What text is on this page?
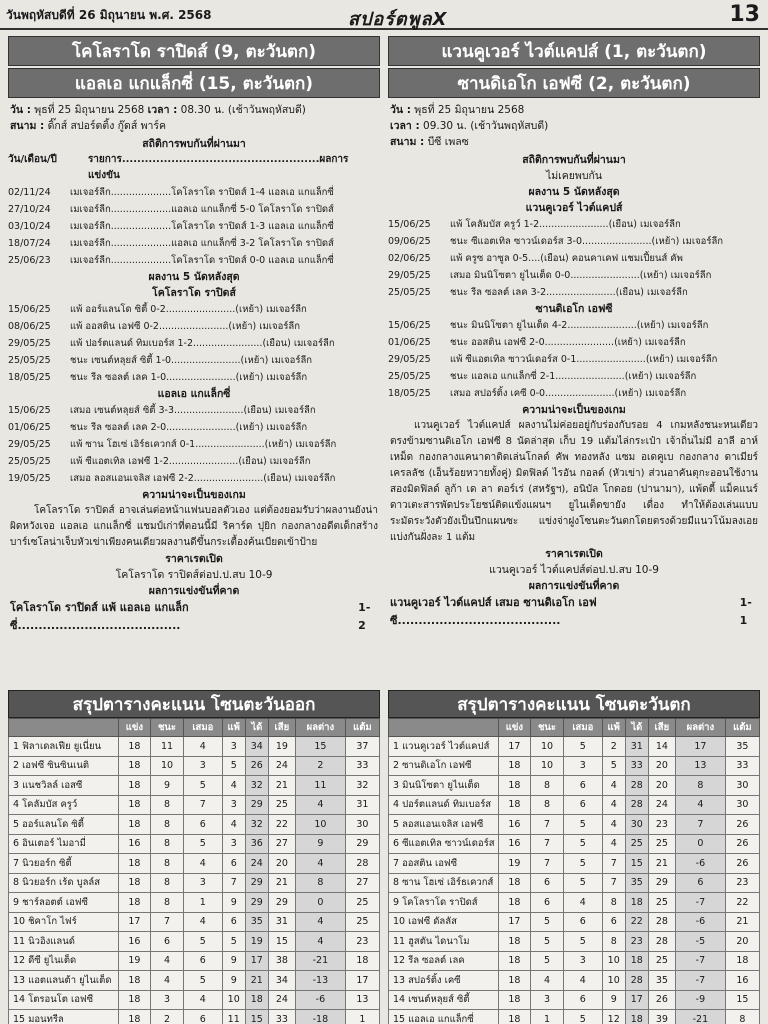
วันพฤหัสบดีที่ 26 มิถุนายน พ.ศ. 2568	สปอร์ตพูลX	13
โคโลราโด ราปิดส์ (9, ตะวันตก)
แอลเอ แกแล็กซี่ (15, ตะวันตก)
วัน : พุธที่ 25 มิถุนายน 2568 เวลา : 08.30 น. (เช้าวันพฤหัสบดี)
สนาม : ดิ๊กส์ สปอร์ตติ้ง กู๊ดส์ พาร์ค
สถิติการพบกันที่ผ่านมา
วัน/เดือน/ปี	รายการ....................................................ผลการแข่งขัน
02/11/24	เมเจอร์ลีก....................โคโลราโด ราปิดส์ 1-4 แอลเอ แกแล็กซี่
27/10/24	เมเจอร์ลีก....................แอลเอ แกแล็กซี่ 5-0 โคโลราโด ราปิดส์
03/10/24	เมเจอร์ลีก....................โคโลราโด ราปิดส์ 1-3 แอลเอ แกแล็กซี่
18/07/24	เมเจอร์ลีก....................แอลเอ แกแล็กซี่ 3-2 โคโลราโด ราปิดส์
25/06/23	เมเจอร์ลีก....................โคโลราโด ราปิดส์ 0-0 แอลเอ แกแล็กซี่
ผลงาน 5 นัดหลังสุด
โคโลราโด ราปิดส์
15/06/25	แพ้ ออร์แลนโด ซิตี้ 0-2.......................(เหย้า) เมเจอร์ลีก
08/06/25	แพ้ ออสติน เอฟซี 0-2.......................(เหย้า) เมเจอร์ลีก
29/05/25	แพ้ ปอร์ตแลนด์ ทิมเบอร์ส 1-2.......................(เยือน) เมเจอร์ลีก
25/05/25	ชนะ เซนต์หลุยส์ ซิตี้ 1-0.......................(เหย้า) เมเจอร์ลีก
18/05/25	ชนะ รีล ซอลต์ เลค 1-0.......................(เหย้า) เมเจอร์ลีก
แอลเอ แกแล็กซี่
15/06/25	เสมอ เซนต์หลุยส์ ซิตี้ 3-3.......................(เยือน) เมเจอร์ลีก
01/06/25	ชนะ รีล ซอลต์ เลค 2-0.......................(เหย้า) เมเจอร์ลีก
29/05/25	แพ้ ซาน โฮเซ่ เอิร์ธเควกส์ 0-1.......................(เหย้า) เมเจอร์ลีก
25/05/25	แพ้ ซีแอตเทิล เอฟซี 1-2.......................(เยือน) เมเจอร์ลีก
19/05/25	เสมอ ลอสแอนเจลิส เอฟซี 2-2.......................(เยือน) เมเจอร์ลีก
ความน่าจะเป็นของเกม
โคโลราโด ราปิดส์ อาจเล่นต่อหน้าแฟนบอลตัวเอง แต่ต้องยอมรับว่าผลงานยังน่าผิดหวังเจอ แอลเอ แกแล็กซี่ แชมป์เก่าที่ตอนนี้มี ริคาร์ด ปุยิก กองกลางอดีตเด็กสร้างบาร์เซโลน่าเจ็บหัวเข่าเพียงคนเดียวผลงานดีขึ้นกระเตื้องค้นเบียดเข้าป้าย
ราคาเรตเปิด
โคโลราโด ราปิดส์ต่อป.ป.สบ 10-9
ผลการแข่งขันที่คาด
โคโลราโด ราปิดส์ แพ้ แอลเอ แกแล็กซี่.......................................
1-2
แวนคูเวอร์ ไวต์แคปส์ (1, ตะวันตก)
ซานดิเอโก เอฟซี (2, ตะวันตก)
วัน : พุธที่ 25 มิถุนายน 2568
เวลา : 09.30 น. (เช้าวันพฤหัสบดี)
สนาม : บีซี เพลซ
สถิติการพบกันที่ผ่านมา
ไม่เคยพบกัน
ผลงาน 5 นัดหลังสุด
แวนคูเวอร์ ไวต์แคปส์
15/06/25	แพ้ โคลัมบัส ครูว์ 1-2.......................(เยือน) เมเจอร์ลีก
09/06/25	ชนะ ซีแอตเทิล ซาวน์เดอร์ส 3-0.......................(เหย้า) เมเจอร์ลีก
02/06/25	แพ้ ครูซ อาซูล 0-5....(เยือน) คอนคาเคฟ แชมเปี้ยนส์ คัพ
29/05/25	เสมอ มินนิโซตา ยูไนเต็ด 0-0.......................(เหย้า) เมเจอร์ลีก
25/05/25	ชนะ รีล ซอลต์ เลค 3-2.......................(เยือน) เมเจอร์ลีก
ซานดิเอโก เอฟซี
15/06/25	ชนะ มินนิโซตา ยูไนเต็ด 4-2.......................(เหย้า) เมเจอร์ลีก
01/06/25	ชนะ ออสติน เอฟซี 2-0.......................(เหย้า) เมเจอร์ลีก
29/05/25	แพ้ ซีแอตเทิล ซาวน์เดอร์ส 0-1.......................(เหย้า) เมเจอร์ลีก
25/05/25	ชนะ แอลเอ แกแล็กซี่ 2-1.......................(เหย้า) เมเจอร์ลีก
18/05/25	เสมอ สปอร์ติ้ง เคซี 0-0.......................(เหย้า) เมเจอร์ลีก
ความน่าจะเป็นของเกม
แวนคูเวอร์ ไวต์แคปส์ ผลงานไม่ค่อยอยู่กับร่องกับรอย 4 เกมหลังชนะหนเดียว ตรงข้ามซานดิเอโก เอฟซี 8 นัดล่าสุด เก็บ 19 แต้มไล่กระเป๋า เจ้าถิ่นไม่มี อาลี อาห์เหม็ด กองกลางแคนาดาติดเล่นโกลด์ คัพ ทองหลัง แซม อเดคูเบ กองกลาง ดาเมียร์ เครลลัช (เอ็นร้อยหวายทั้งคู่) มิตฟิลด์ ไรอัน กอลด์ (หัวเข่า) ส่วนอาคันตุกะออนใช้งานสองมิดฟิลด์ ลูก้า เด ลา ตอร์เร่ (สหรัฐฯ), อนิบัล โกดอย (ปานามา), แพ้ดตี้ แม็คแนร์ ดาวเตะสารพัดประโยชน์ติดแข้งแผนฯ ยูไนเต็ดขายัง เดื่อง ทำให้ต้องเล่นแบบระมัดระวังตัวยังเป็นปึกแผนซะ แข่งจ่าฝูงโซนตะวันตกโดยตรงด้วยมีแนวโน้มลงเอยแบ่งกันฝั่งละ 1 แต้ม
ราคาเรตเปิด
แวนคูเวอร์ ไวต์แคปส์ต่อป.ป.สบ 10-9
ผลการแข่งขันที่คาด
แวนคูเวอร์ ไวต์แคปส์ เสมอ ซานดิเอโก เอฟซี.......................................
1-1
สรุปตารางคะแนน โซนตะวันออก
	แข่ง	ชนะ	เสมอ	แพ้	ได้	เสีย	ผลต่าง	แต้ม
1 ฟิลาเดลเฟีย ยูเนี่ยน	18	11	4	3	34	19	15	37
2 เอฟซี ซินซินเนติ	18	10	3	5	26	24	2	33
3 แนชวิลล์ เอสซี	18	9	5	4	32	21	11	32
4 โคลัมบัส ครูว์	18	8	7	3	29	25	4	31
5 ออร์แลนโด ซิตี้	18	8	6	4	32	22	10	30
6 อินเตอร์ ไมอามี่	16	8	5	3	36	27	9	29
7 นิวยอร์ก ซิตี้	18	8	4	6	24	20	4	28
8 นิวยอร์ก เร้ด บูลล์ส	18	8	3	7	29	21	8	27
9 ชาร์ลอตต์ เอฟซี	18	8	1	9	29	29	0	25
10 ชิคาโก ไฟร์	17	7	4	6	35	31	4	25
11 นิวอิงแลนด์	16	6	5	5	19	15	4	23
12 ดีซี ยูไนเต็ด	19	4	6	9	17	38	-21	18
13 แอตแลนต้า ยูไนเต็ด	18	4	5	9	21	34	-13	17
14 โตรอนโต เอฟซี	18	3	4	10	18	24	-6	13
15 มอนทรีล	18	2	6	11	15	33	-18	1
สรุปตารางคะแนน โซนตะวันตก
	แข่ง	ชนะ	เสมอ	แพ้	ได้	เสีย	ผลต่าง	แต้ม
1 แวนคูเวอร์ ไวต์แคปส์	17	10	5	2	31	14	17	35
2 ซานดิเอโก เอฟซี	18	10	3	5	33	20	13	33
3 มินนิโซตา ยูไนเต็ด	18	8	6	4	28	20	8	30
4 ปอร์ตแลนด์ ทิมเบอร์ส	18	8	6	4	28	24	4	30
5 ลอสแอนเจลิส เอฟซี	16	7	5	4	30	23	7	26
6 ซีแอตเทิล ซาวน์เดอร์ส	16	7	5	4	25	25	0	26
7 ออสติน เอฟซี	19	7	5	7	15	21	-6	26
8 ซาน โฮเซ่ เอิร์ธเควกส์	18	6	5	7	35	29	6	23
9 โคโลราโด ราปิดส์	18	6	4	8	18	25	-7	22
10 เอฟซี ดัลลัส	17	5	6	6	22	28	-6	21
11 ฮูสตัน ไดนาโม	18	5	5	8	23	28	-5	20
12 รีล ซอลต์ เลค	18	5	3	10	18	25	-7	18
13 สปอร์ติ้ง เคซี	18	4	4	10	28	35	-7	16
14 เซนต์หลุยส์ ซิตี้	18	3	6	9	17	26	-9	15
15 แอลเอ แกแล็กซี่	18	1	5	12	18	39	-21	8
